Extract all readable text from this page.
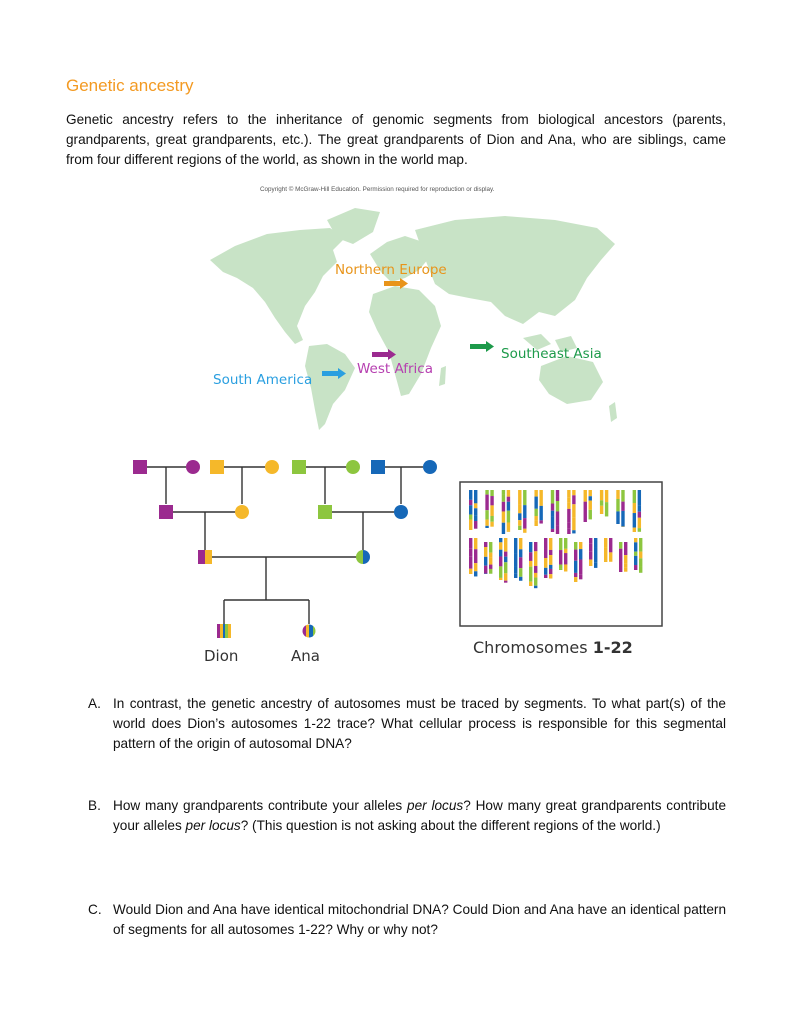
Genetic ancestry
Genetic ancestry refers to the inheritance of genomic segments from biological ancestors (parents, grandparents, great grandparents, etc.). The great grandparents of Dion and Ana, who are siblings, came from four different regions of the world, as shown in the world map.
Copyright © McGraw-Hill Education. Permission required for reproduction or display.
Northern Europe
West Africa
Southeast Asia
South America
Dion	Ana	Chromosomes 1-22
A. In contrast, the genetic ancestry of autosomes must be traced by segments. To what part(s) of the world does Dion’s autosomes 1-22 trace? What cellular process is responsible for this segmental pattern of the origin of autosomal DNA?
B. How many grandparents contribute your alleles per locus? How many great grandparents contribute your alleles per locus? (This question is not asking about the different regions of the world.)
C. Would Dion and Ana have identical mitochondrial DNA? Could Dion and Ana have an identical pattern of segments for all autosomes 1-22? Why or why not?
